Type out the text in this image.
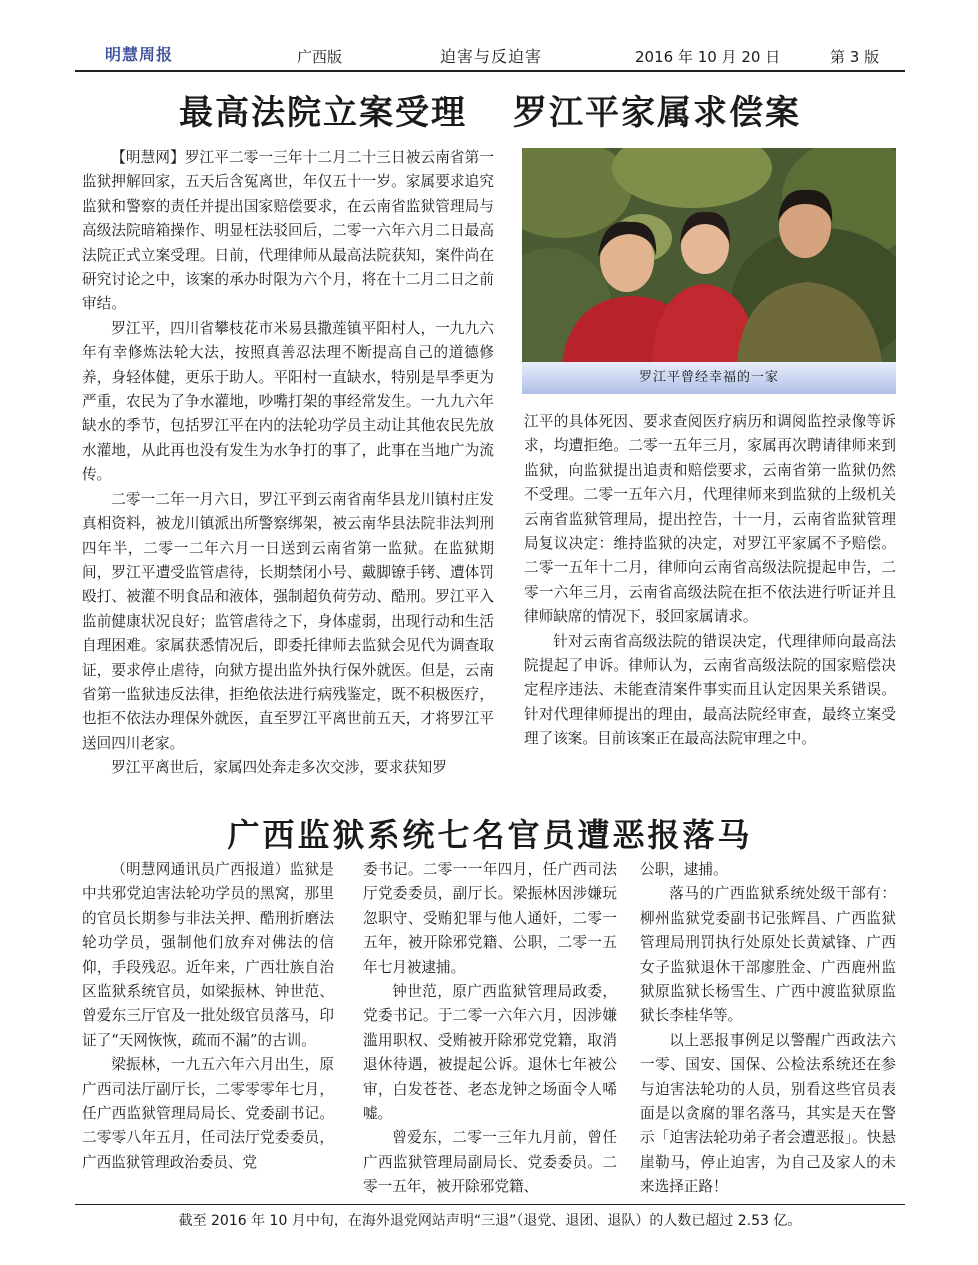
明慧周报	广西版	迫害与反迫害	2016 年 10 月 20 日	第 3 版
最高法院立案受理 罗江平家属求偿案

【明慧网】罗江平二零一三年十二月二十三日被云南省第一监狱押解回家，五天后含冤离世，年仅五十一岁。家属要求追究监狱和警察的责任并提出国家赔偿要求，在云南省监狱管理局与高级法院暗箱操作、明显枉法驳回后，二零一六年六月二日最高法院正式立案受理。日前，代理律师从最高法院获知，案件尚在研究讨论之中，该案的承办时限为六个月，将在十二月二日之前审结。

罗江平，四川省攀枝花市米易县撒莲镇平阳村人，一九九六年有幸修炼法轮大法，按照真善忍法理不断提高自己的道德修养，身轻体健，更乐于助人。平阳村一直缺水，特别是旱季更为严重，农民为了争水灌地，吵嘴打架的事经常发生。一九九六年缺水的季节，包括罗江平在内的法轮功学员主动让其他农民先放水灌地，从此再也没有发生为水争打的事了，此事在当地广为流传。

二零一二年一月六日，罗江平到云南省南华县龙川镇村庄发真相资料，被龙川镇派出所警察绑架，被云南华县法院非法判刑四年半，二零一二年六月一日送到云南省第一监狱。在监狱期间，罗江平遭受监管虐待，长期禁闭小号、戴脚镣手铐、遭体罚殴打、被灌不明食品和液体，强制超负荷劳动、酷刑。罗江平入监前健康状况良好；监管虐待之下，身体虚弱，出现行动和生活自理困难。家属获悉情况后，即委托律师去监狱会见代为调查取证，要求停止虐待，向狱方提出监外执行保外就医。但是，云南省第一监狱违反法律，拒绝依法进行病残鉴定，既不积极医疗，也拒不依法办理保外就医，直至罗江平离世前五天，才将罗江平送回四川老家。

罗江平离世后，家属四处奔走多次交涉，要求获知罗

罗江平曾经幸福的一家

江平的具体死因、要求查阅医疗病历和调阅监控录像等诉求，均遭拒绝。二零一五年三月，家属再次聘请律师来到监狱，向监狱提出追责和赔偿要求，云南省第一监狱仍然不受理。二零一五年六月，代理律师来到监狱的上级机关云南省监狱管理局，提出控告，十一月，云南省监狱管理局复议决定：维持监狱的决定，对罗江平家属不予赔偿。二零一五年十二月，律师向云南省高级法院提起申告，二零一六年三月，云南省高级法院在拒不依法进行听证并且律师缺席的情况下，驳回家属请求。

针对云南省高级法院的错误决定，代理律师向最高法院提起了申诉。律师认为，云南省高级法院的国家赔偿决定程序违法、未能查清案件事实而且认定因果关系错误。针对代理律师提出的理由，最高法院经审查，最终立案受理了该案。目前该案正在最高法院审理之中。

广西监狱系统七名官员遭恶报落马

（明慧网通讯员广西报道）监狱是中共邪党迫害法轮功学员的黑窝，那里的官员长期参与非法关押、酷刑折磨法轮功学员，强制他们放弃对佛法的信仰，手段残忍。近年来，广西壮族自治区监狱系统官员，如梁振林、钟世范、曾爱东三厅官及一批处级官员落马，印证了“天网恢恢，疏而不漏”的古训。

梁振林，一九五六年六月出生，原广西司法厅副厅长，二零零零年七月，任广西监狱管理局局长、党委副书记。二零零八年五月，任司法厅党委委员，广西监狱管理政治委员、党

委书记。二零一一年四月，任广西司法厅党委委员，副厅长。梁振林因涉嫌玩忽职守、受贿犯罪与他人通奸，二零一五年，被开除邪党籍、公职，二零一五年七月被逮捕。

钟世范，原广西监狱管理局政委，党委书记。于二零一六年六月，因涉嫌滥用职权、受贿被开除邪党党籍，取消退休待遇，被提起公诉。退休七年被公审，白发苍苍、老态龙钟之场面令人唏嘘。

曾爱东，二零一三年九月前，曾任广西监狱管理局副局长、党委委员。二零一五年，被开除邪党籍、

公职，逮捕。

落马的广西监狱系统处级干部有：柳州监狱党委副书记张辉昌、广西监狱管理局刑罚执行处原处长黄斌锋、广西女子监狱退休干部廖胜金、广西鹿州监狱原监狱长杨雪生、广西中渡监狱原监狱长李桂华等。

以上恶报事例足以警醒广西政法六一零、国安、国保、公检法系统还在参与迫害法轮功的人员，别看这些官员表面是以贪腐的罪名落马，其实是天在警示「迫害法轮功弟子者会遭恶报」。快悬崖勒马，停止迫害，为自己及家人的未来选择正路！

截至 2016 年 10 月中旬，在海外退党网站声明“三退”（退党、退团、退队）的人数已超过 2.53 亿。
